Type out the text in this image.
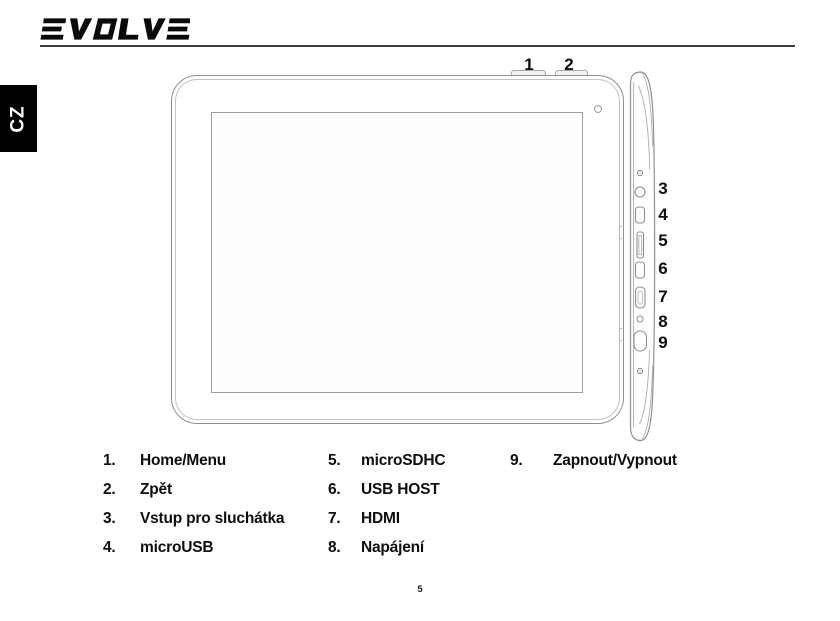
CZ
1 2
3
4
5
6
7
8
9
1. Home/Menu
2. Zpět
3. Vstup pro sluchátka
4. microUSB
5. microSDHC
6. USB HOST
7. HDMI
8. Napájení
9. Zapnout/Vypnout
5
